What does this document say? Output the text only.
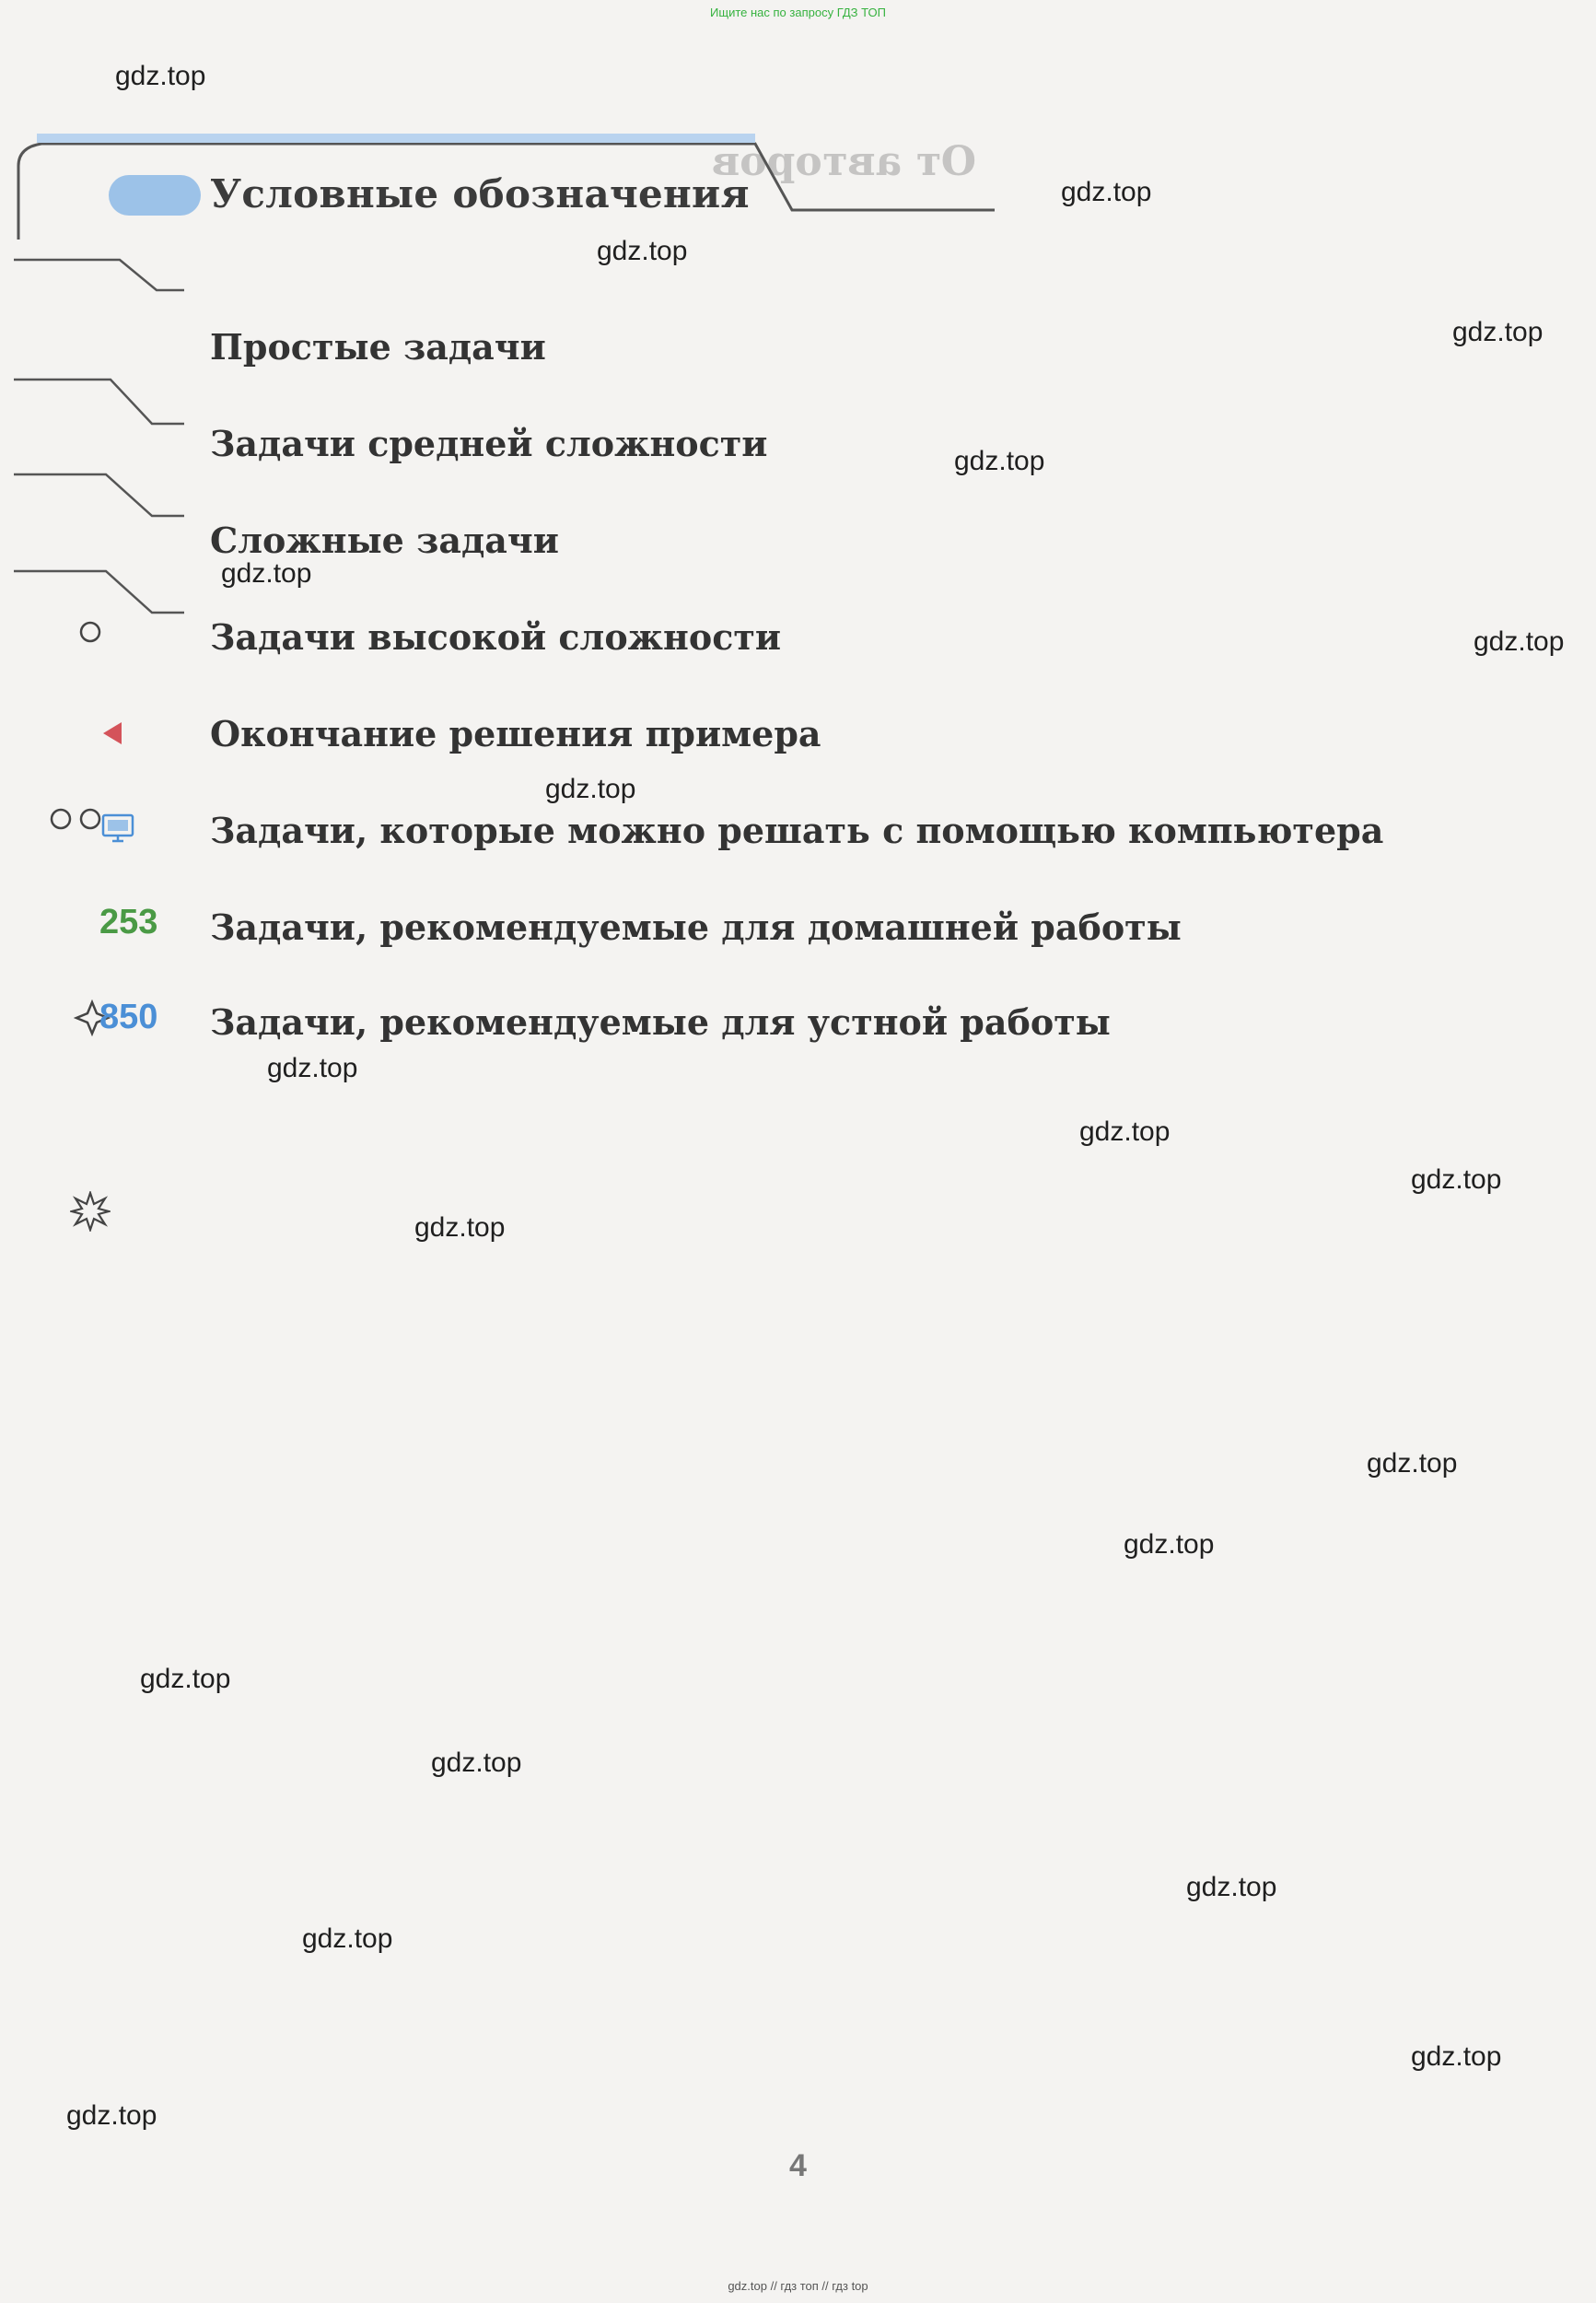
Ищите нас по запросу ГДЗ ТОП
От авторов
Условные обозначения
Простые задачи
Задачи средней сложности
Сложные задачи
Задачи высокой сложности
Окончание решения примера
Задачи, которые можно решать с помощью компьютера
253 Задачи, рекомендуемые для домашней работы
850 Задачи, рекомендуемые для устной работы
gdz.top
gdz.top
gdz.top
gdz.top
gdz.top
gdz.top
gdz.top
gdz.top
gdz.top
gdz.top
gdz.top
gdz.top
gdz.top
gdz.top
gdz.top
gdz.top
gdz.top
gdz.top
gdz.top
gdz.top
4
gdz.top // гдз топ // гдз top
